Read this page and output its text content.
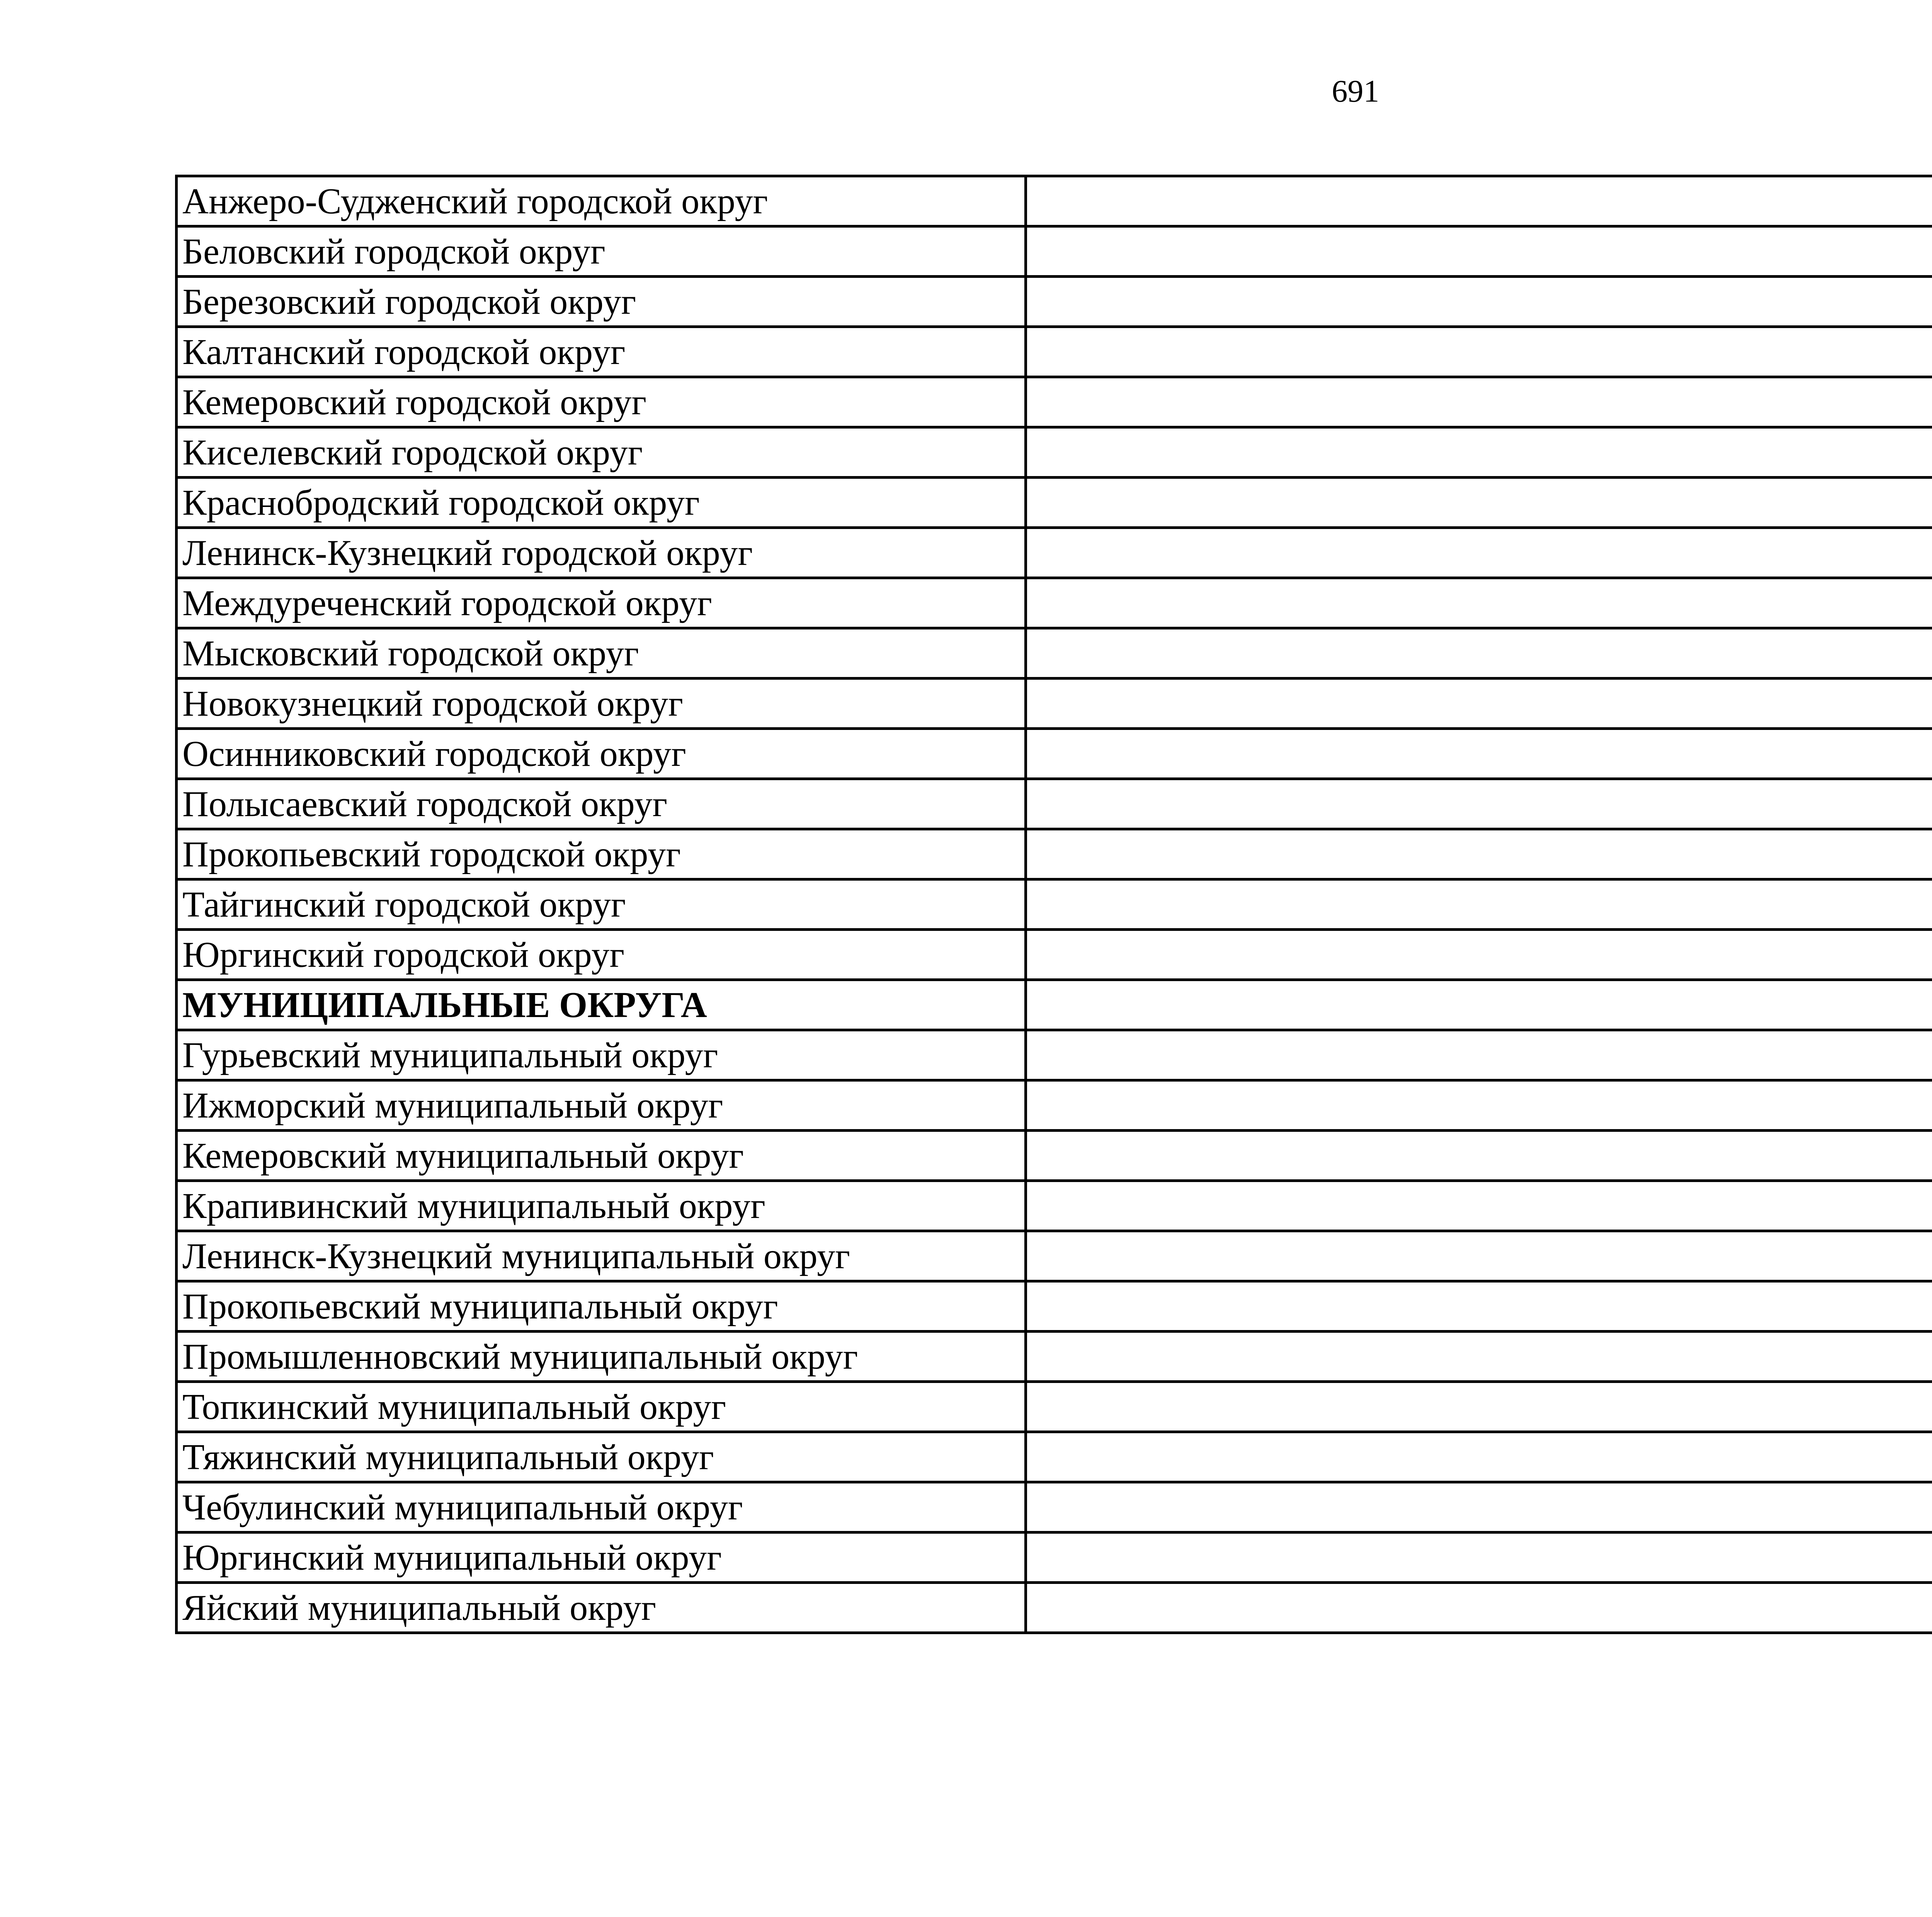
691
Анжеро-Судженский городской округ		
Беловский городской округ		
Березовский городской округ		
Калтанский городской округ		
Кемеровский городской округ		
Киселевский городской округ		
Краснобродский городской округ		
Ленинск-Кузнецкий городской округ		
Междуреченский городской округ		
Мысковский городской округ		
Новокузнецкий городской округ		
Осинниковский городской округ		
Полысаевский городской округ		
Прокопьевский городской округ		
Тайгинский городской округ		
Юргинский городской округ		
МУНИЦИПАЛЬНЫЕ ОКРУГА		
Гурьевский муниципальный округ		
Ижморский муниципальный округ		
Кемеровский муниципальный округ		
Крапивинский муниципальный округ		
Ленинск-Кузнецкий муниципальный округ		
Прокопьевский муниципальный округ		
Промышленновский муниципальный округ		
Топкинский муниципальный округ		
Тяжинский муниципальный округ		
Чебулинский муниципальный округ		
Юргинский муниципальный округ		
Яйский муниципальный округ		
